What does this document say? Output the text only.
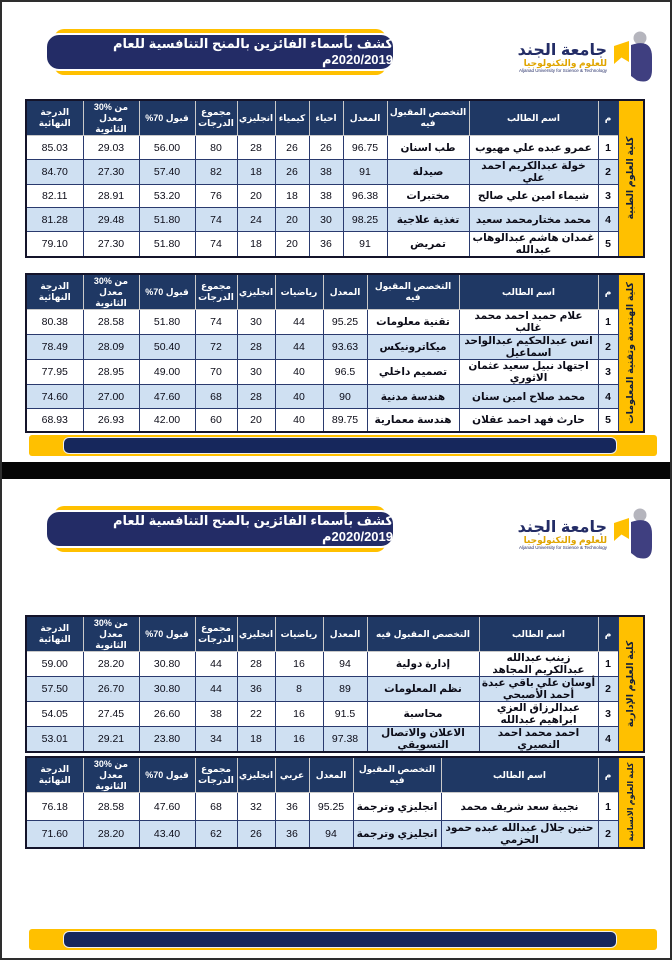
كشف بأسماء الفائزين بالمنح التنافسية للعام 2020/2019م
جامعة الجند
للعلوم والتكنولوجيا
Aljanad University for Science & Technology
كلية العلوم الطبية	م	اسم الطالب	التخصص المقبول فيه	المعدل	احياء	كيمياء	انجليزي	مجموع الدرجات	قبول 70%	30% من معدل الثانوية	الدرجة النهائية
	1	عمرو عبده علي مهيوب	طب اسنان	96.75	26	26	28	80	56.00	29.03	85.03
	2	خولة عبدالكريم احمد علي	صيدلة	91	38	26	18	82	57.40	27.30	84.70
	3	شيماء امين علي صالح	مختبرات	96.38	38	18	20	76	53.20	28.91	82.11
	4	محمد مختارمحمد سعيد	تغذية علاجية	98.25	30	20	24	74	51.80	29.48	81.28
	5	غمدان هاشم عبدالوهاب عبدالله	تمريض	91	36	20	18	74	51.80	27.30	79.10
كلية الهندسة وتقنية المعلومات	م	اسم الطالب	التخصص المقبول فيه	المعدل	رياضيات	انجليزي	مجموع الدرجات	قبول 70%	30% من معدل الثانوية	الدرجة النهائية
	1	علام حميد احمد محمد غالب	تقنية معلومات	95.25	44	30	74	51.80	28.58	80.38
	2	انس عبدالحكيم عبدالواحد اسماعيل	ميكاترونيكس	93.63	44	28	72	50.40	28.09	78.49
	3	اجتهاد نبيل سعيد عثمان الاثوري	تصميم داخلي	96.5	40	30	70	49.00	28.95	77.95
	4	محمد صلاح امين سنان	هندسة مدنية	90	40	28	68	47.60	27.00	74.60
	5	حارث فهد احمد عقلان	هندسة معمارية	89.75	40	20	60	42.00	26.93	68.93
كشف بأسماء الفائزين بالمنح التنافسية للعام 2020/2019م
جامعة الجند
للعلوم والتكنولوجيا
Aljanad University for Science & Technology
كلية العلوم الإدارية	م	اسم الطالب	التخصص المقبول فيه	المعدل	رياضيات	انجليزي	مجموع الدرجات	قبول 70%	30% من معدل الثانوية	الدرجة النهائية
	1	زينب عبدالله عبدالكريم المجاهد	إدارة دولية	94	16	28	44	30.80	28.20	59.00
	2	أوسان علي باقي عبدة أحمد الأصبحي	نظم المعلومات	89	8	36	44	30.80	26.70	57.50
	3	عبدالرزاق العزي ابراهيم عبدالله	محاسبة	91.5	16	22	38	26.60	27.45	54.05
	4	احمد محمد احمد النصيري	الاعلان والاتصال التسويقي	97.38	16	18	34	23.80	29.21	53.01
كلية العلوم الانسانية	م	اسم الطالب	التخصص المقبول فيه	المعدل	عربي	انجليزي	مجموع الدرجات	قبول 70%	30% من معدل الثانوية	الدرجة النهائية
	1	نجيبة سعد شريف محمد	انجليزي وترجمة	95.25	36	32	68	47.60	28.58	76.18
	2	حنين جلال عبدالله عبده حمود الحزمي	انجليزي وترجمة	94	36	26	62	43.40	28.20	71.60
